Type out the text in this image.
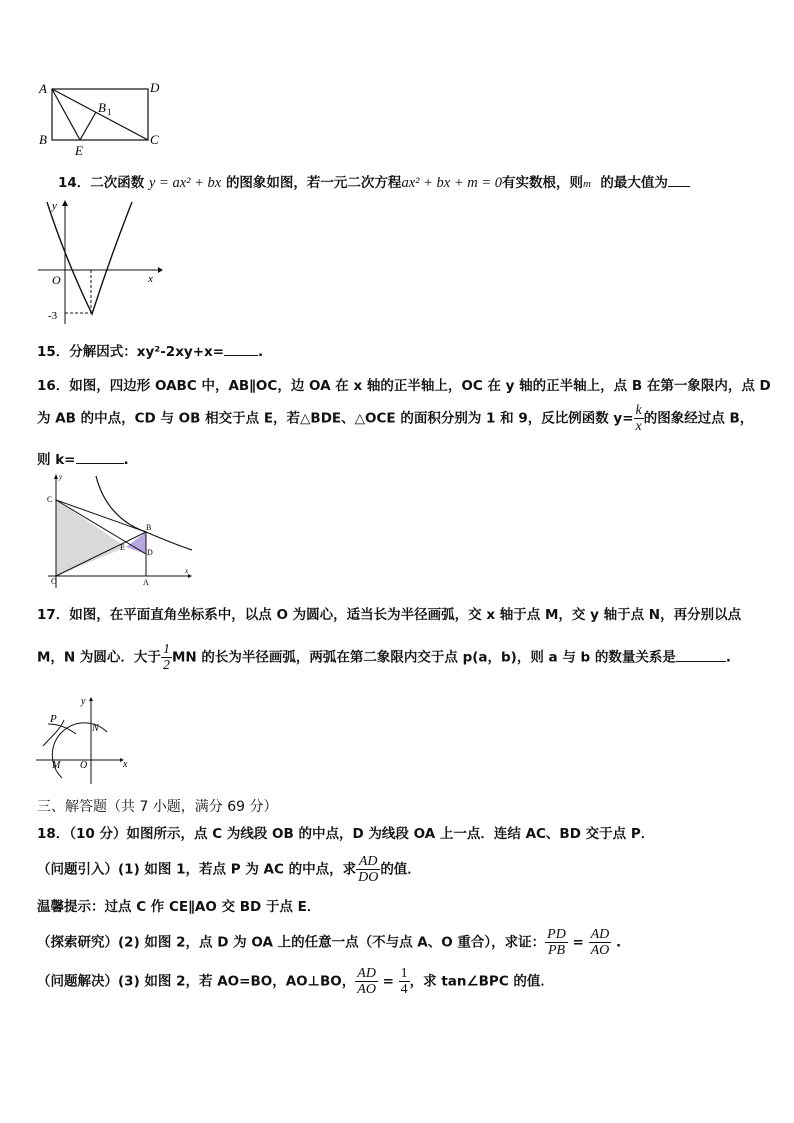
A	D
B	C
E
B 1
14．二次函数 y = ax² + bx 的图象如图，若一元二次方程ax² + bx + m = 0有实数根，则m 的最大值为
y
x
O
-3
15．分解因式：xy²-2xy+x=	.
16．如图，四边形 OABC 中，AB∥OC，边 OA 在 x 轴的正半轴上，OC 在 y 轴的正半轴上，点 B 在第一象限内，点 D
为 AB 的中点，CD 与 OB 相交于点 E，若△BDE、△OCE 的面积分别为 1 和 9，反比例函数 $y= \frac{k}{x}$ 的图象经过点 B，
则 k=	.
C
B
E
D
O	A
y
x
17．如图，在平面直角坐标系中，以点 O 为圆心，适当长为半径画弧，交 x 轴于点 M，交 y 轴于点 N，再分别以点
M，N 为圆心．大于 $\frac{1}{2}$ MN 的长为半径画弧，两弧在第二象限内交于点 p(a，b)，则 a 与 b 的数量关系是	.
P
N
M O	x
y
三、解答题（共 7 小题，满分 69 分）
18．（10 分）如图所示，点 C 为线段 OB 的中点，D 为线段 OA 上一点．连结 AC、BD 交于点 P．
（问题引入）(1) 如图 1，若点 P 为 AC 的中点，求 $\frac{AD}{DO}$ 的值．
温馨提示：过点 C 作 CE∥AO 交 BD 于点 E．
（探索研究）(2) 如图 2，点 D 为 OA 上的任意一点（不与点 A、O 重合），求证： $\frac{PD}{PB} = \frac{AD}{AO}$ .
（问题解决）(3) 如图 2，若 AO=BO，AO⊥BO， $\frac{AD}{AO} = \frac{1}{4}$ ，求 tan∠BPC 的值．
